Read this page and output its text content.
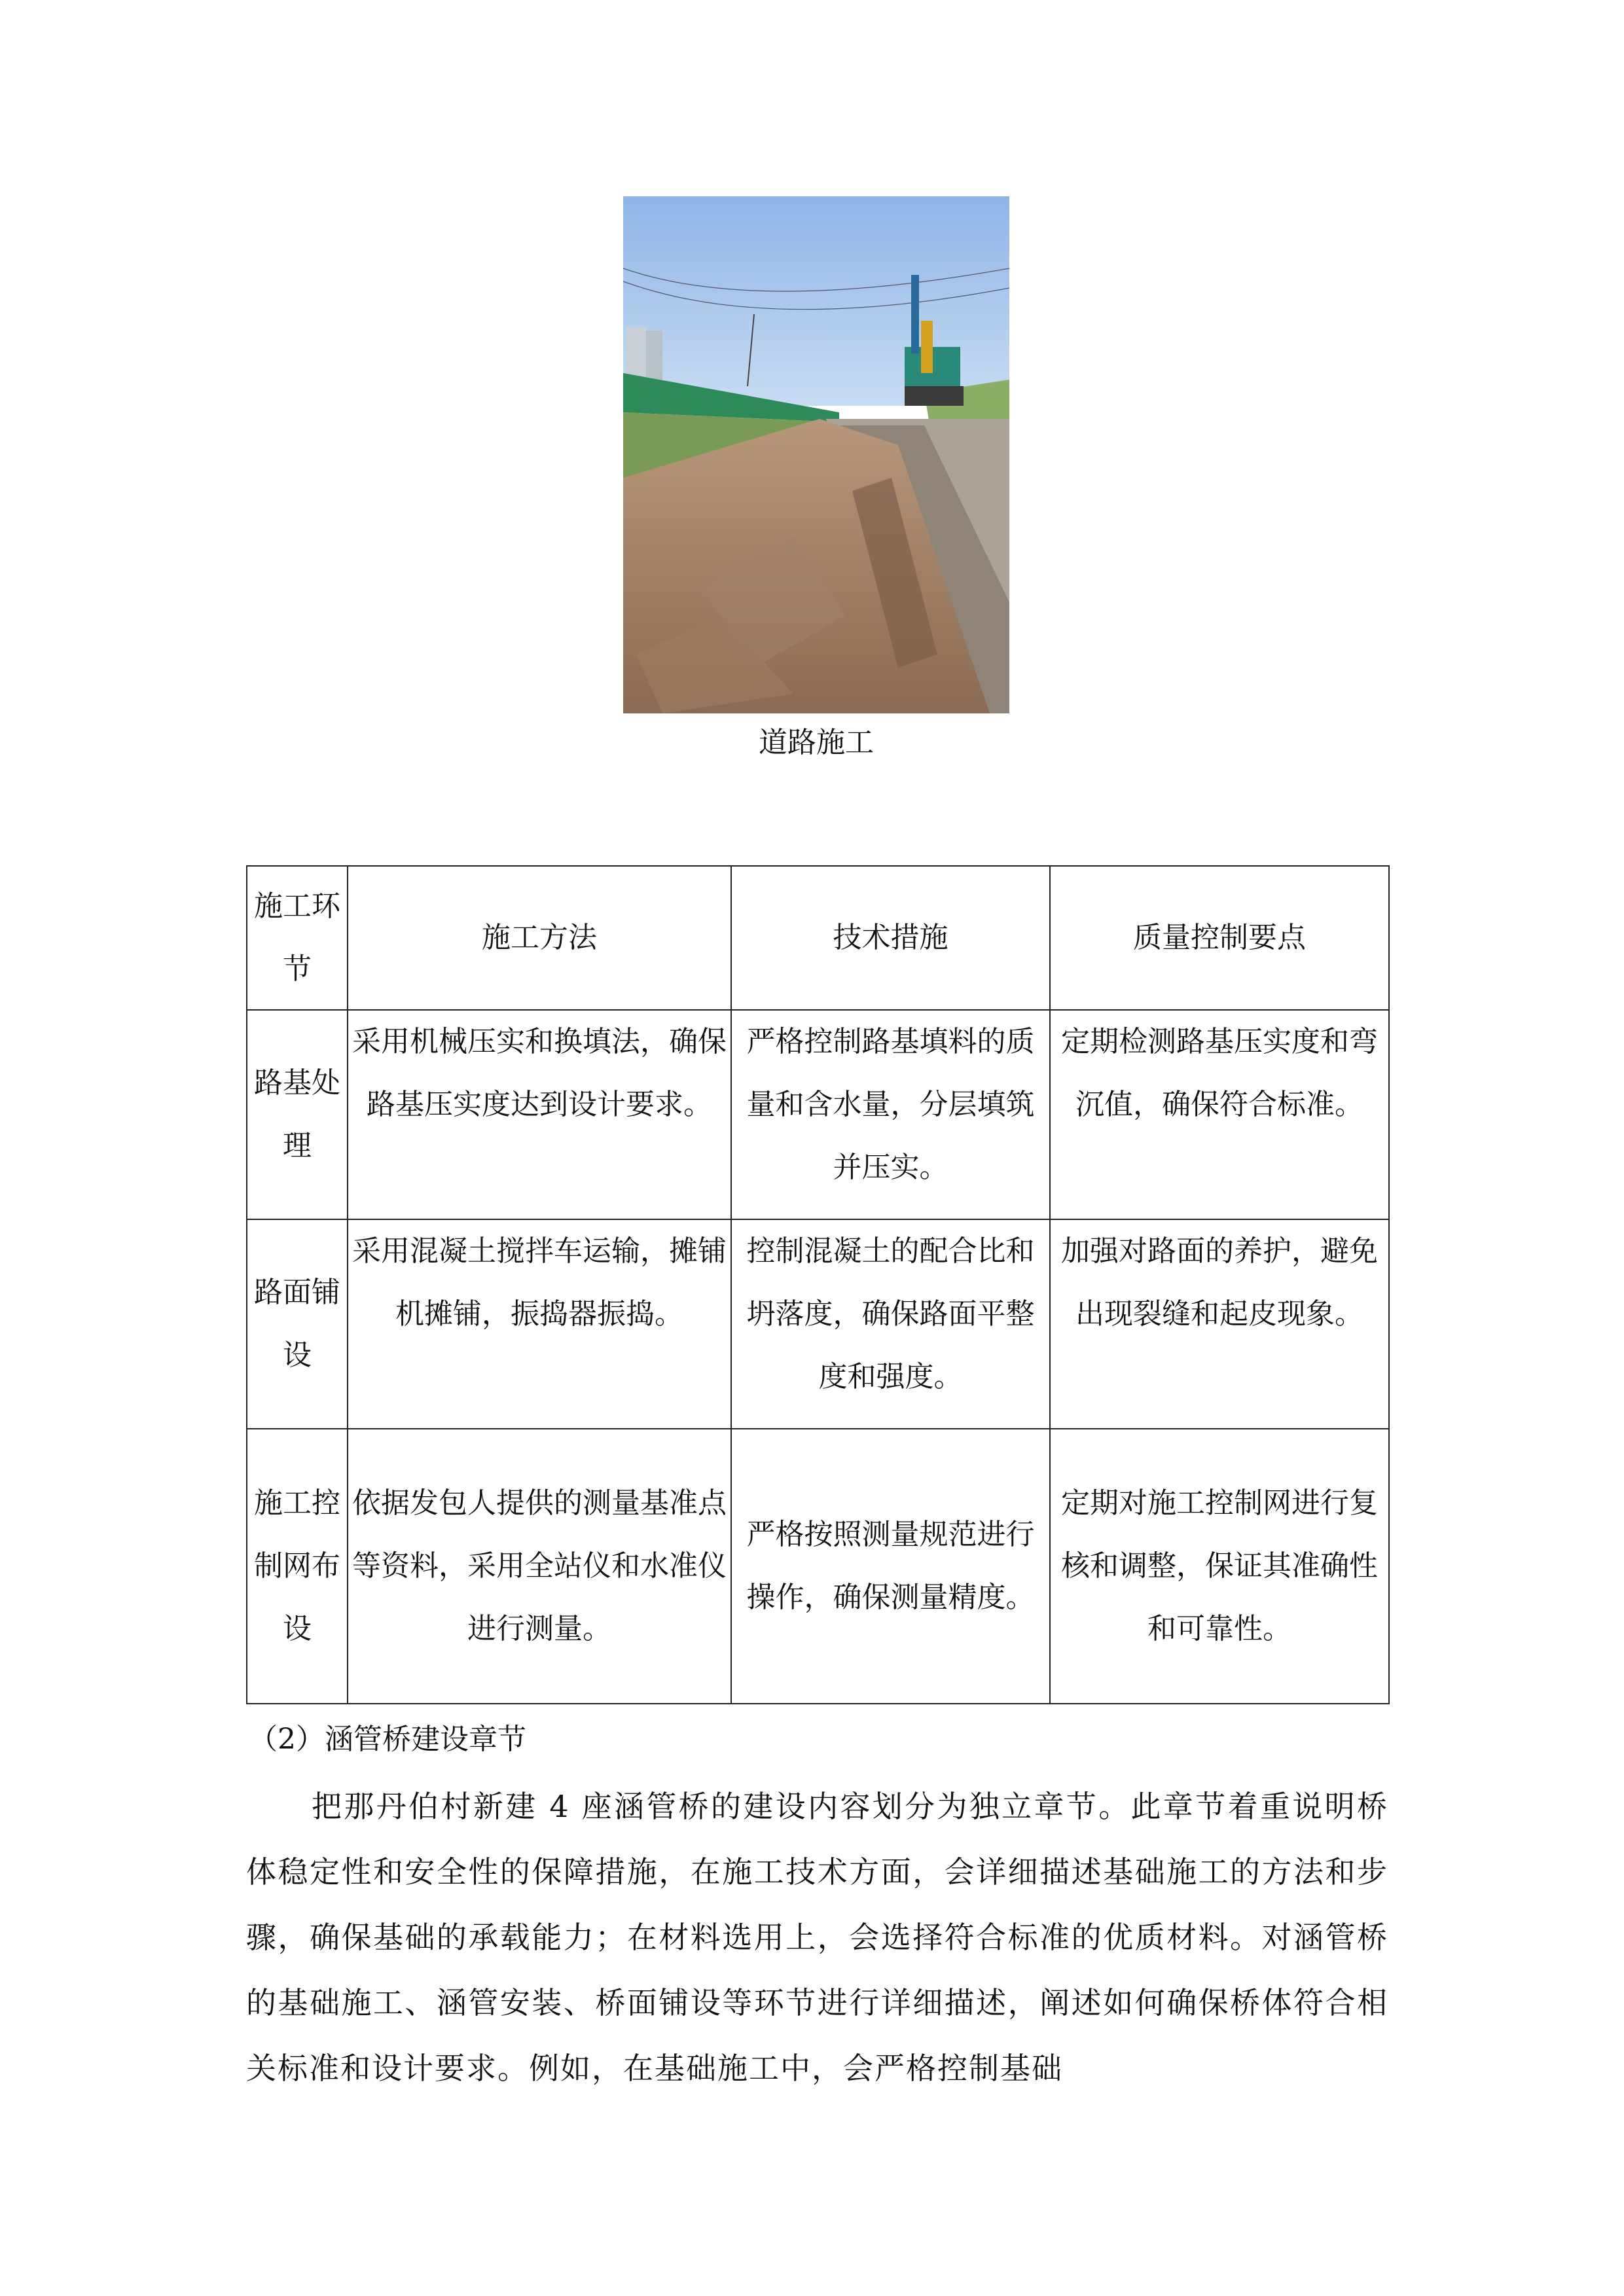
道路施工
施工环节	施工方法	技术措施	质量控制要点
路基处理	采用机械压实和换填法，确保路基压实度达到设计要求。	严格控制路基填料的质量和含水量，分层填筑并压实。	定期检测路基压实度和弯沉值，确保符合标准。
路面铺设	采用混凝土搅拌车运输，摊铺机摊铺，振捣器振捣。	控制混凝土的配合比和坍落度，确保路面平整度和强度。	加强对路面的养护，避免出现裂缝和起皮现象。
施工控制网布设	依据发包人提供的测量基准点等资料，采用全站仪和水准仪进行测量。	严格按照测量规范进行操作，确保测量精度。	定期对施工控制网进行复核和调整，保证其准确性和可靠性。
（2）涵管桥建设章节
把那丹伯村新建 4 座涵管桥的建设内容划分为独立章节。此章节着重说明桥体稳定性和安全性的保障措施，在施工技术方面，会详细描述基础施工的方法和步骤，确保基础的承载能力；在材料选用上，会选择符合标准的优质材料。对涵管桥的基础施工、涵管安装、桥面铺设等环节进行详细描述，阐述如何确保桥体符合相关标准和设计要求。例如，在基础施工中，会严格控制基础
